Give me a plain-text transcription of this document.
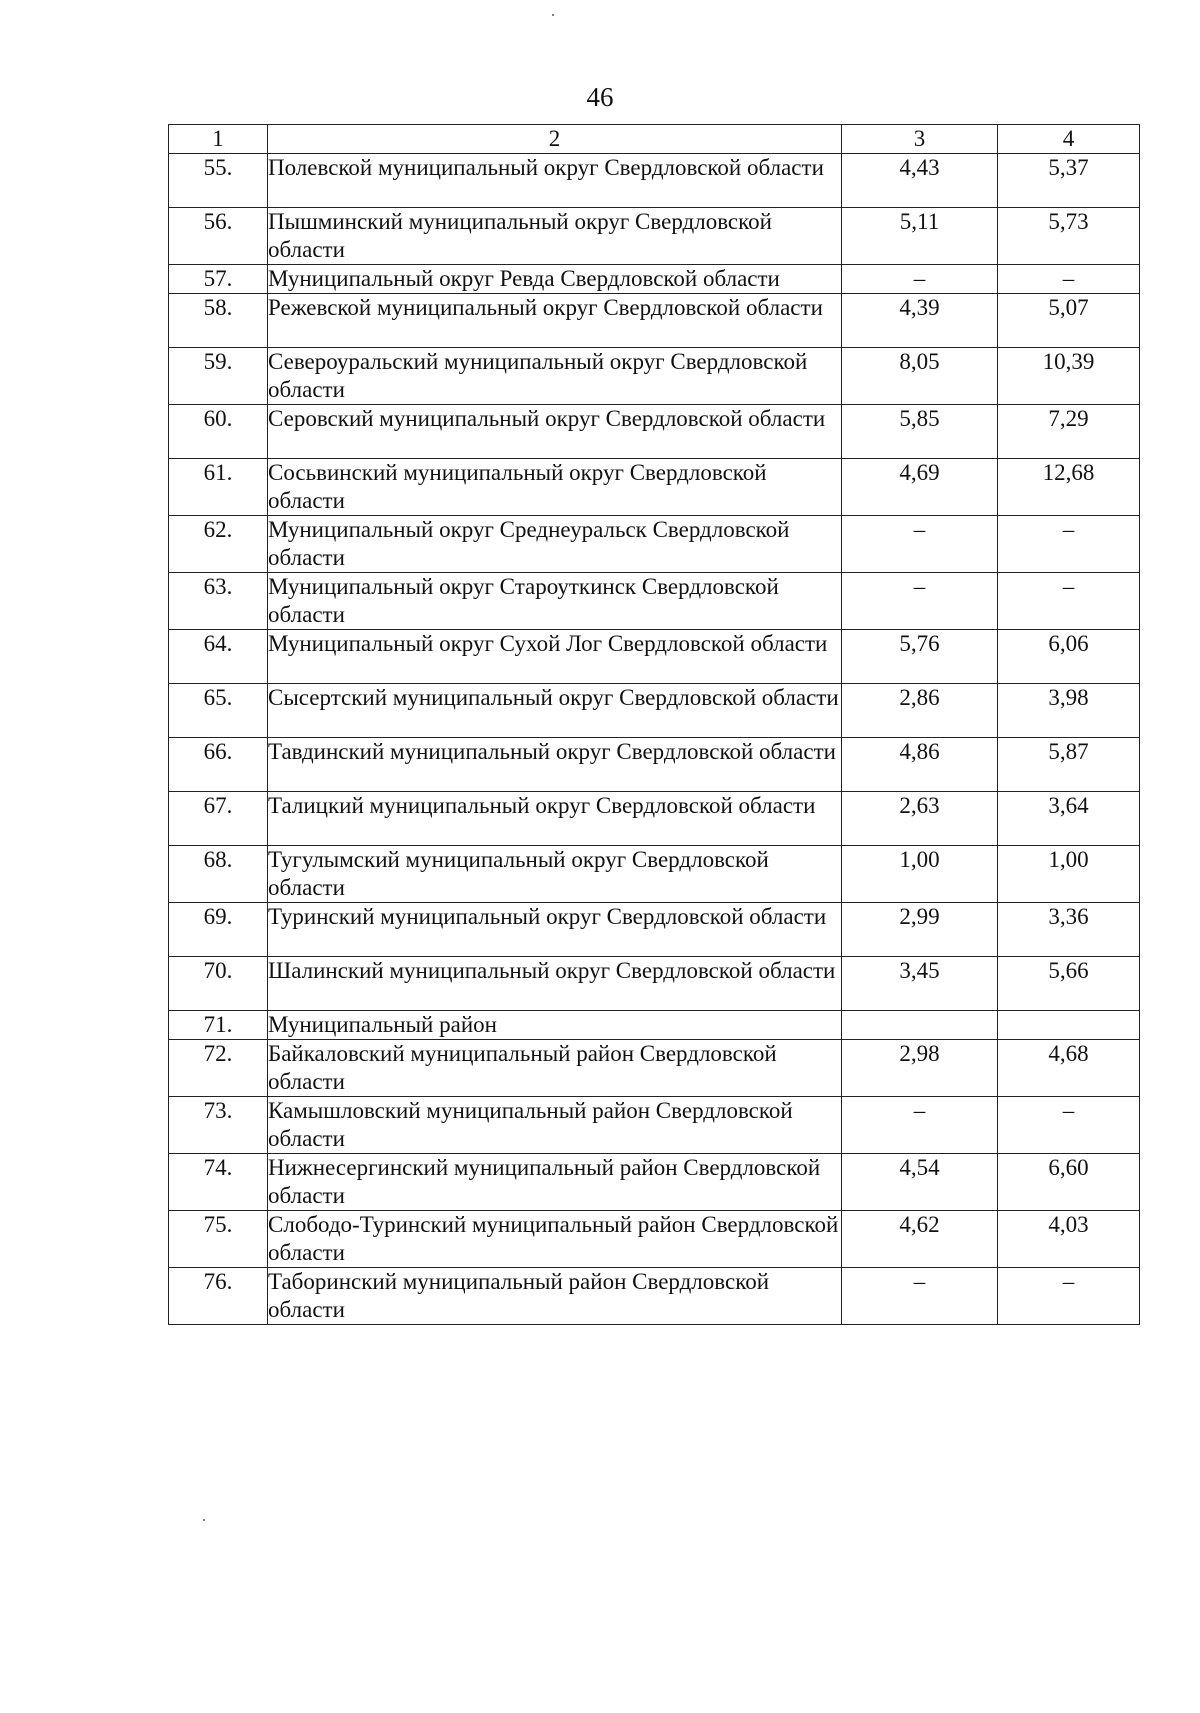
46
1	2	3	4
55.	Полевской муниципальный округ Свердловской области	4,43	5,37
56.	Пышминский муниципальный округ Свердловской области	5,11	5,73
57.	Муниципальный округ Ревда Свердловской области	–	–
58.	Режевской муниципальный округ Свердловской области	4,39	5,07
59.	Североуральский муниципальный округ Свердловской области	8,05	10,39
60.	Серовский муниципальный округ Свердловской области	5,85	7,29
61.	Сосьвинский муниципальный округ Свердловской области	4,69	12,68
62.	Муниципальный округ Среднеуральск Свердловской области	–	–
63.	Муниципальный округ Староуткинск Свердловской области	–	–
64.	Муниципальный округ Сухой Лог Свердловской области	5,76	6,06
65.	Сысертский муниципальный округ Свердловской области	2,86	3,98
66.	Тавдинский муниципальный округ Свердловской области	4,86	5,87
67.	Талицкий муниципальный округ Свердловской области	2,63	3,64
68.	Тугулымский муниципальный округ Свердловской области	1,00	1,00
69.	Туринский муниципальный округ Свердловской области	2,99	3,36
70.	Шалинский муниципальный округ Свердловской области	3,45	5,66
71.	Муниципальный район		
72.	Байкаловский муниципальный район Свердловской области	2,98	4,68
73.	Камышловский муниципальный район Свердловской области	–	–
74.	Нижнесергинский муниципальный район Свердловской области	4,54	6,60
75.	Слободо-Туринский муниципальный район Свердловской области	4,62	4,03
76.	Таборинский муниципальный район Свердловской области	–	–
